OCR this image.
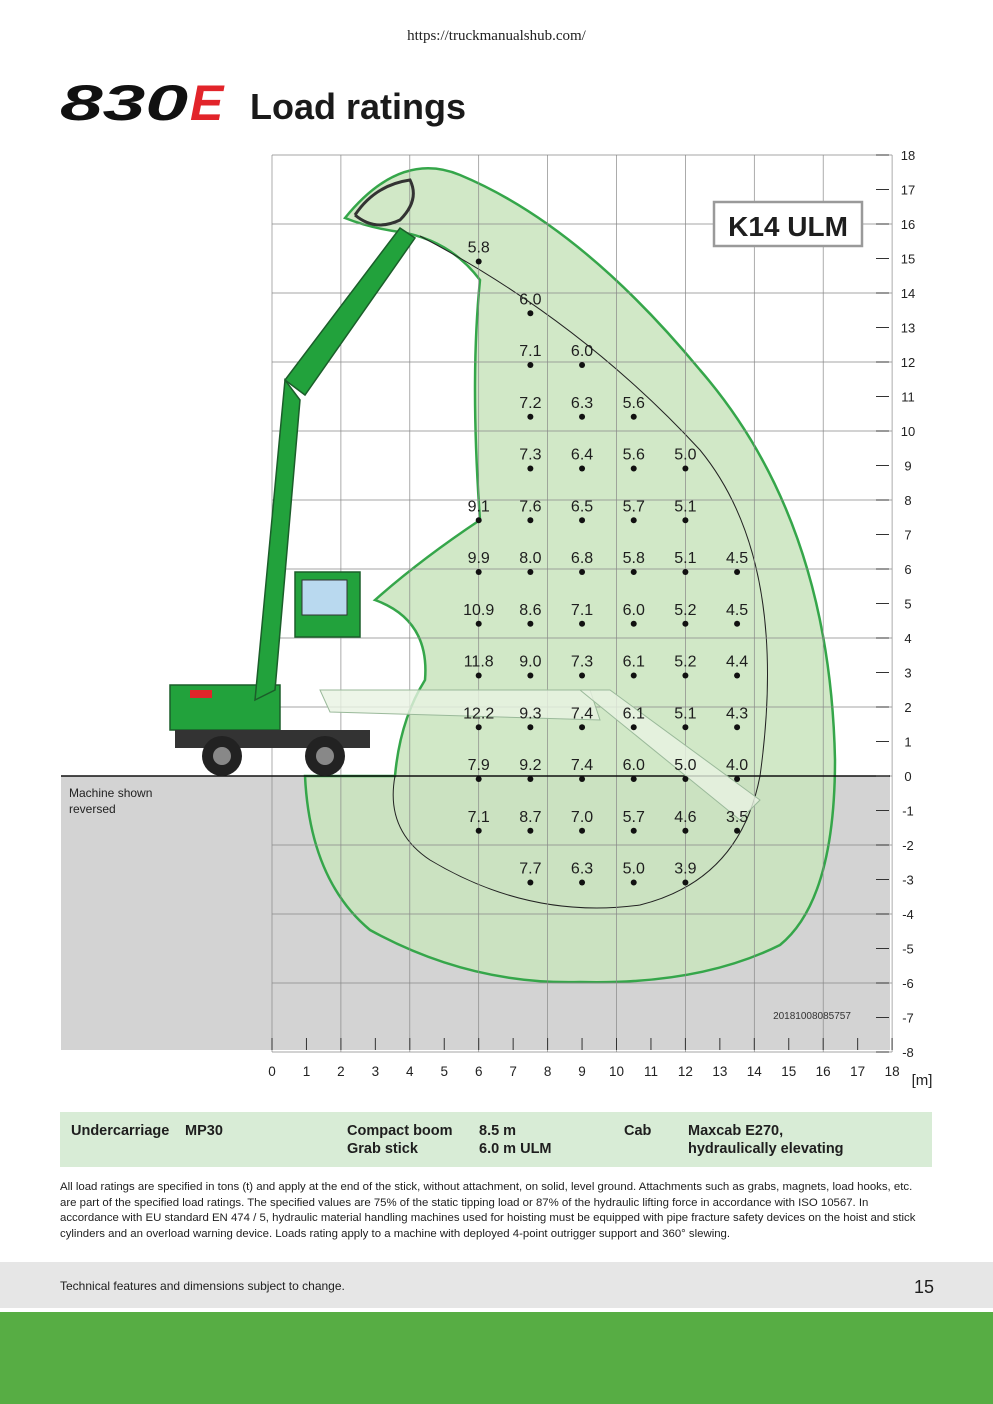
https://truckmanualshub.com/
830 E Load ratings
5.8
6.0
7.1 6.0
7.2 6.3 5.6
7.3 6.4 5.6 5.0
9.1 7.6 6.5 5.7 5.1
9.9 8.0 6.8 5.8 5.1 4.5
10.9 8.6 7.1 6.0 5.2 4.5
11.8 9.0 7.3 6.1 5.2 4.4
12.2 9.3 7.4 6.1 5.1 4.3
7.9 9.2 7.4 6.0 5.0 4.0
7.1 8.7 7.0 5.7 4.6 3.5
7.7 6.3 5.0 3.9
18
17
16
15
14
13
12
11
10
9
8
7
6
5
4
3
2
1
0
-1
-2
-3
-4
-5
-6
-7
-8
0 1 2 3 4 5 6 7 8 9 10 11 12 13 14 15 16 17 18
K14 ULM
20181008085757
[m]
Machine shown reversed
Undercarriage MP30	Compact boom
Grab stick
8.5 m
6.0 m ULM
Cab	Maxcab E270,
hydraulically elevating
All load ratings are specified in tons (t) and apply at the end of the stick, without attachment, on solid, level ground. Attachments such as grabs, magnets, load hooks, etc. are part of the specified load ratings. The specified values are 75% of the static tipping load or 87% of the hydraulic lifting force in accordance with ISO 10567. In accordance with EU standard EN 474 / 5, hydraulic material handling machines used for hoisting must be equipped with pipe fracture safety devices on the hoist and stick cylinders and an overload warning device. Loads rating apply to a machine with deployed 4-point outrigger support and 360° slewing.
Technical features and dimensions subject to change.	15
